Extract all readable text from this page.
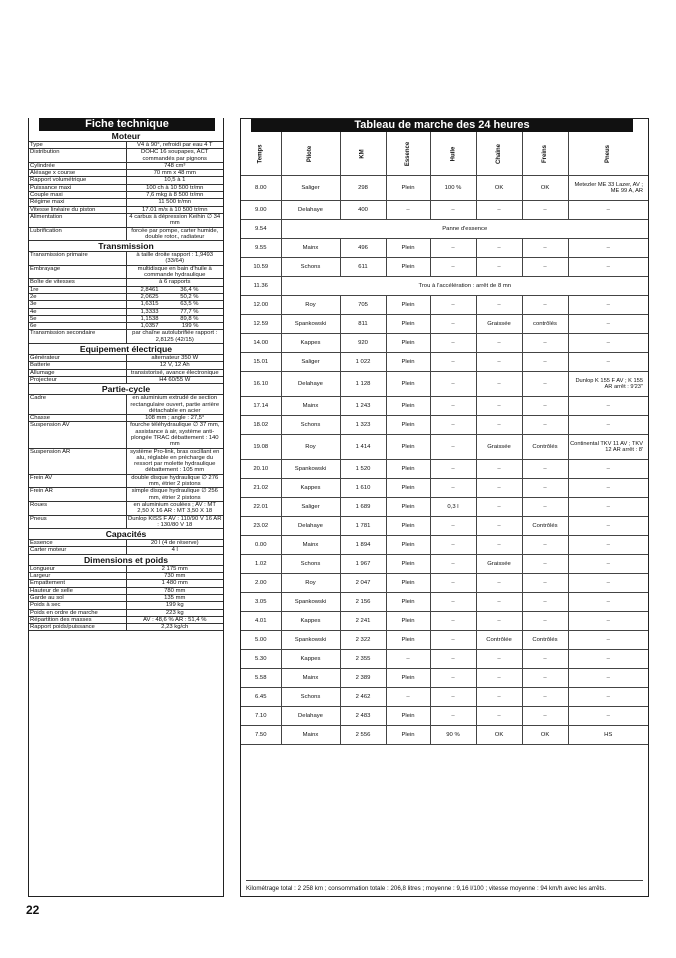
Fiche technique
Moteur	
Type	V4 à 90°, refroidi par eau 4 T
Distribution	DOHC 16 soupapes, ACT commandés par pignons
Cylindrée	748 cm³
Alésage x course	70 mm x 48 mm
Rapport volumétrique	10,5 à 1
Puissance maxi	100 ch à 10 500 tr/mn
Couple maxi	7,6 mkg à 8 500 tr/mn
Régime maxi	11 500 tr/mn
Vitesse linéaire du piston	17.01 m/s à 10 500 tr/mn
Alimentation	4 carbus à dépression Keihin ∅ 34 mm
Lubrification	forcée par pompe, carter humide, double rotor., radiateur
Transmission	
Transmission primaire	à taille droite rapport : 1,9493 (33/64)
Embrayage	multidisque en bain d'huile à commande hydraulique
Boîte de vitesses	à 6 rapports
1re	2,8461 36,4 %
2e	2,0625 50,2 %
3e	1,6315 63,5 %
4e	1,3333 77,7 %
5e	1,1538 89,8 %
6e	1,0357 199 %
Transmission secondaire	par chaîne autolubrifiée rapport : 2,8125 (42/15)
Equipement électrique	
Générateur	alternateur 350 W
Batterie	12 V, 12 Ah
Allumage	transistorisé, avance électronique
Projecteur	H4 60/55 W
Partie-cycle	
Cadre	en aluminium extrudé de section rectangulaire ouvert, partie arrière détachable en acier
Chasse	108 mm ; angle : 27,5°
Suspension AV	fourche téléhydraulique ∅ 37 mm, assistance à air, système anti-plongée TRAC débattement : 140 mm
Suspension AR	système Pro-link, bras oscillant en alu, réglable en précharge du ressort par molette hydraulique débattement : 105 mm
Frein AV	double disque hydraulique ∅ 276 mm, étrier 2 pistons
Frein AR	simple disque hydraulique ∅ 256 mm, étrier 2 pistons
Roues	en aluminium coulées ; AV : MT 2,50 X 16 AR : MT 3,50 X 18
Pneus	Dunlop KISS F AV : 110/90 V 16 AR : 130/80 V 18
Capacités	
Essence	20 l (4 de réserve)
Carter moteur	4 l
Dimensions et poids	
Longueur	2 175 mm
Largeur	730 mm
Empattement	1 480 mm
Hauteur de selle	780 mm
Garde au sol	135 mm
Poids à sec	199 kg
Poids en ordre de marche	223 kg
Répartition des masses	AV : 48,6 % AR : 51,4 %
Rapport poids/puissance	2,23 kg/ch
Tableau de marche des 24 heures
Temps	Pilote	KM	Essence	Huile	Chaîne	Freins	Pneus
8.00	Saliger	298	Plein	100 %	OK	OK	Metezler ME 33 Lazer, AV ; ME 99 A, AR
9.00	Delahaye	400	–	–	–	–	–
9.54	Panne d'essence						
9.55	Mainx	496	Plein	–	–	–	–
10.59	Schons	611	Plein	–	–	–	–
11.36	Trou à l'accélération : arrêt de 8 mn						
12.00	Roy	705	Plein	–	–	–	–
12.59	Spankowski	811	Plein	–	Graissée	contrôlés	–
14.00	Kappes	920	Plein	–	–	–	–
15.01	Saliger	1 022	Plein	–	–	–	–
16.10	Delahaye	1 128	Plein	–	–	–	Dunlop K 155 F AV ; K 155 AR arrêt : 9'23"
17.14	Mainx	1 243	Plein	–	–	–	–
18.02	Schons	1 323	Plein	–	–	–	–
19.08	Roy	1 414	Plein	–	Graissée	Contrôlés	Continental TKV 11 AV ; TKV 12 AR arrêt : 8'
20.10	Spankowski	1 520	Plein	–	–	–	–
21.02	Kappes	1 610	Plein	–	–	–	–
22.01	Saliger	1 689	Plein	0,3 l	–	–	–
23.02	Delahaye	1 781	Plein	–	–	Contrôlés	–
0.00	Mainx	1 894	Plein	–	–	–	–
1.02	Schons	1 967	Plein	–	Graissée	–	–
2.00	Roy	2 047	Plein	–	–	–	–
3.05	Spankowski	2 156	Plein	–	–	–	–
4.01	Kappes	2 241	Plein	–	–	–	–
5.00	Spankowski	2 322	Plein	–	Contrôlée	Contrôlés	–
5.30	Kappes	2 355	–	–	–	–	–
5.58	Mainx	2 389	Plein	–	–	–	–
6.45	Schons	2 462	–	–	–	–	–
7.10	Delahaye	2 483	Plein	–	–	–	–
7.50	Mainx	2 556	Plein	90 %	OK	OK	HS
Kilométrage total : 2 258 km ; consommation totale : 206,8 litres ; moyenne : 9,16 l/100 ; vitesse moyenne : 94 km/h avec les arrêts.
22
